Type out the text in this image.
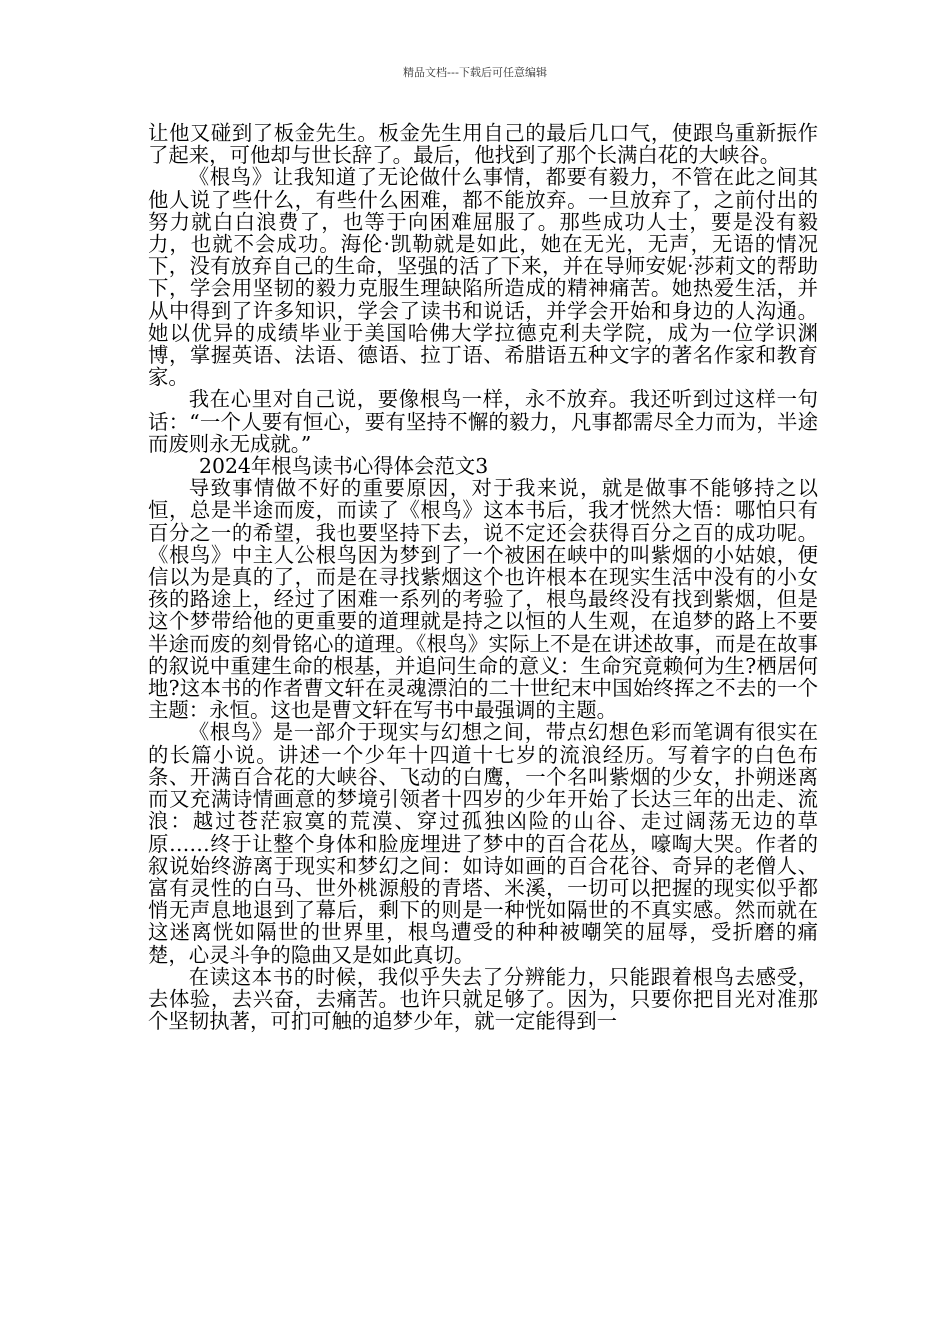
精品文档---下载后可任意编辑

让他又碰到了板金先生。板金先生用自己的最后几口气，使跟鸟重新振作了起来，可他却与世长辞了。最后，他找到了那个长满白花的大峡谷。

《根鸟》让我知道了无论做什么事情，都要有毅力，不管在此之间其他人说了些什么，有些什么困难，都不能放弃。一旦放弃了，之前付出的努力就白白浪费了，也等于向困难屈服了。那些成功人士，要是没有毅力，也就不会成功。海伦·凯勒就是如此，她在无光，无声，无语的情况下，没有放弃自己的生命，坚强的活了下来，并在导师安妮·莎莉文的帮助下，学会用坚韧的毅力克服生理缺陷所造成的精神痛苦。她热爱生活，并从中得到了许多知识，学会了读书和说话，并学会开始和身边的人沟通。她以优异的成绩毕业于美国哈佛大学拉德克利夫学院，成为一位学识渊博，掌握英语、法语、德语、拉丁语、希腊语五种文字的著名作家和教育家。

我在心里对自己说，要像根鸟一样，永不放弃。我还听到过这样一句话：“一个人要有恒心，要有坚持不懈的毅力，凡事都需尽全力而为，半途而废则永无成就。”

2024年根鸟读书心得体会范文3

导致事情做不好的重要原因，对于我来说，就是做事不能够持之以恒，总是半途而废，而读了《根鸟》这本书后，我才恍然大悟：哪怕只有百分之一的希望，我也要坚持下去，说不定还会获得百分之百的成功呢。《根鸟》中主人公根鸟因为梦到了一个被困在峡中的叫紫烟的小姑娘，便信以为是真的了，而是在寻找紫烟这个也许根本在现实生活中没有的小女孩的路途上，经过了困难一系列的考验了，根鸟最终没有找到紫烟，但是这个梦带给他的更重要的道理就是持之以恒的人生观，在追梦的路上不要半途而废的刻骨铭心的道理。《根鸟》实际上不是在讲述故事，而是在故事的叙说中重建生命的根基，并追问生命的意义：生命究竟赖何为生?栖居何地?这本书的作者曹文轩在灵魂漂泊的二十世纪末中国始终挥之不去的一个主题：永恒。这也是曹文轩在写书中最强调的主题。

《根鸟》是一部介于现实与幻想之间，带点幻想色彩而笔调有很实在的长篇小说。讲述一个少年十四道十七岁的流浪经历。写着字的白色布条、开满百合花的大峡谷、飞动的白鹰，一个名叫紫烟的少女，扑朔迷离而又充满诗情画意的梦境引领者十四岁的少年开始了长达三年的出走、流浪：越过苍茫寂寞的荒漠、穿过孤独凶险的山谷、走过阔荡无边的草原……终于让整个身体和脸庞埋进了梦中的百合花丛，嚎啕大哭。作者的叙说始终游离于现实和梦幻之间：如诗如画的百合花谷、奇异的老僧人、富有灵性的白马、世外桃源般的青塔、米溪，一切可以把握的现实似乎都悄无声息地退到了幕后，剩下的则是一种恍如隔世的不真实感。然而就在这迷离恍如隔世的世界里，根鸟遭受的种种被嘲笑的屈辱，受折磨的痛楚，心灵斗争的隐曲又是如此真切。

在读这本书的时候，我似乎失去了分辨能力，只能跟着根鸟去感受，去体验，去兴奋，去痛苦。也许只就足够了。因为，只要你把目光对准那个坚韧执著，可扪可触的追梦少年，就一定能得到一
